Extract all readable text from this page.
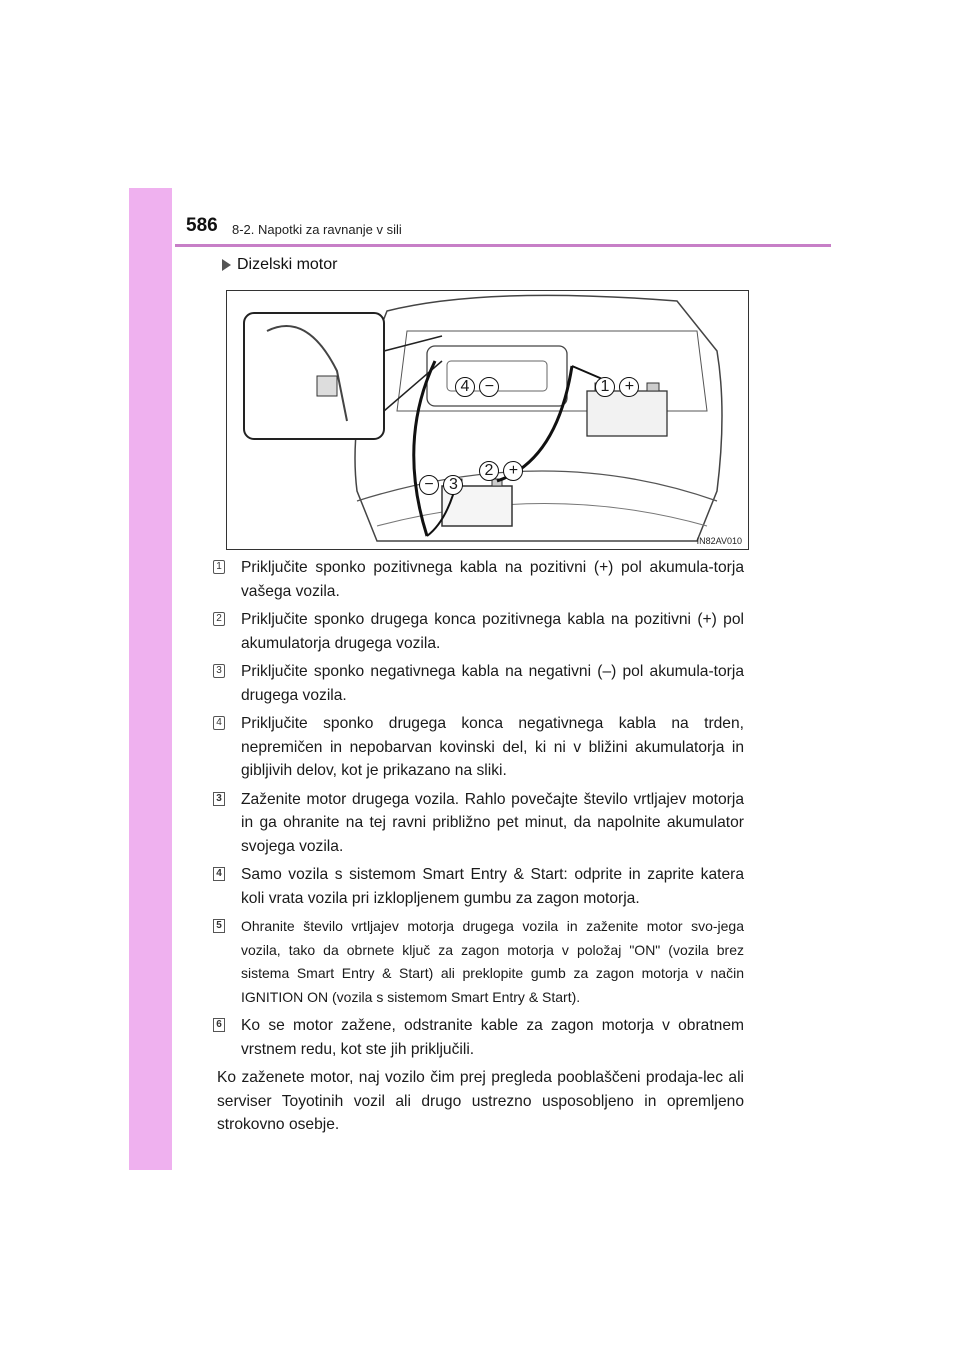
586 8-2. Napotki za ravnanje v sili
Dizelski motor
4 −	1 +
2 +
− 3
IN82AV010
1 Priključite sponko pozitivnega kabla na pozitivni (+) pol akumula-torja vašega vozila.
2 Priključite sponko drugega konca pozitivnega kabla na pozitivni (+) pol akumulatorja drugega vozila.
3 Priključite sponko negativnega kabla na negativni (–) pol akumula-torja drugega vozila.
4 Priključite sponko drugega konca negativnega kabla na trden, nepremičen in nepobarvan kovinski del, ki ni v bližini akumulatorja in gibljivih delov, kot je prikazano na sliki.
3 Zaženite motor drugega vozila. Rahlo povečajte število vrtljajev motorja in ga ohranite na tej ravni približno pet minut, da napolnite akumulator svojega vozila.
4 Samo vozila s sistemom Smart Entry & Start: odprite in zaprite katera koli vrata vozila pri izklopljenem gumbu za zagon motorja.
5 Ohranite število vrtljajev motorja drugega vozila in zaženite motor svo-jega vozila, tako da obrnete ključ za zagon motorja v položaj "ON" (vozila brez sistema Smart Entry & Start) ali preklopite gumb za zagon motorja v način IGNITION ON (vozila s sistemom Smart Entry & Start).
6 Ko se motor zažene, odstranite kable za zagon motorja v obratnem vrstnem redu, kot ste jih priključili.
Ko zaženete motor, naj vozilo čim prej pregleda pooblaščeni prodaja-lec ali serviser Toyotinih vozil ali drugo ustrezno usposobljeno in opremljeno strokovno osebje.
